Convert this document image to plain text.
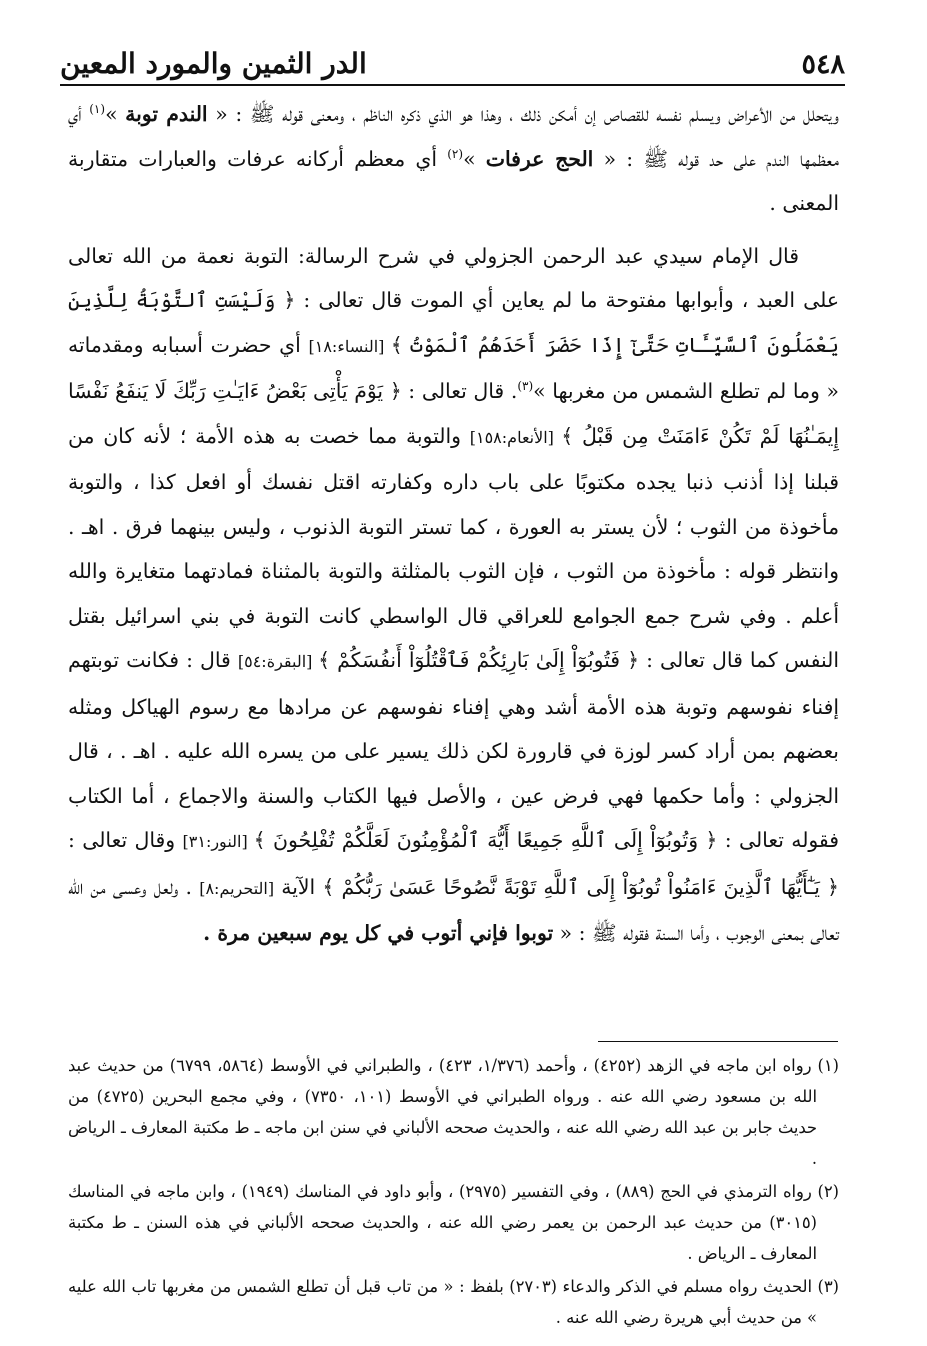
٥٤٨
الدر الثمين والمورد المعين

ويتحلل من الأعراض ويسلم نفسه للقصاص إن أمكن ذلك ، وهذا هو الذي ذكره الناظم ، ومعنى قوله ﷺ : « الندم توبة »$^{(١)}$ أي معظمها الندم على حد قوله ﷺ : « الحج عرفات »$^{(٢)}$ أي معظم أركانه عرفات والعبارات متقاربة المعنى .

قال الإمام سيدي عبد الرحمن الجزولي في شرح الرسالة: التوبة نعمة من الله تعالى على العبد ، وأبوابها مفتوحة ما لم يعاين أي الموت قال تعالى : ﴿ وَلَيْسَتِ ٱلتَّوْبَةُ لِلَّذِينَ يَعْمَلُونَ ٱلسَّيِّـَٔاتِ حَتَّىٰٓ إِذَا حَضَرَ أَحَدَهُمُ ٱلْمَوْتُ ﴾ [النساء:١٨] أي حضرت أسبابه ومقدماته « وما لم تطلع الشمس من مغربها »$^{(٣)}$. قال تعالى : ﴿ يَوْمَ يَأْتِى بَعْضُ ءَايَـٰتِ رَبِّكَ لَا يَنفَعُ نَفْسًا إِيمَـٰنُهَا لَمْ تَكُنْ ءَامَنَتْ مِن قَبْلُ ﴾ [الأنعام:١٥٨] والتوبة مما خصت به هذه الأمة ؛ لأنه كان من قبلنا إذا أذنب ذنبا يجده مكتوبًا على باب داره وكفارته اقتل نفسك أو افعل كذا ، والتوبة مأخوذة من الثوب ؛ لأن يستر به العورة ، كما تستر التوبة الذنوب ، وليس بينهما فرق . اهـ . وانتظر قوله : مأخوذة من الثوب ، فإن الثوب بالمثلثة والتوبة بالمثناة فمادتهما متغايرة والله أعلم . وفي شرح جمع الجوامع للعراقي قال الواسطي كانت التوبة في بني اسرائيل بقتل النفس كما قال تعالى : ﴿ فَتُوبُوٓاْ إِلَىٰ بَارِئِكُمْ فَٱقْتُلُوٓاْ أَنفُسَكُمْ ﴾ [البقرة:٥٤] قال : فكانت توبتهم إفناء نفوسهم وتوبة هذه الأمة أشد وهي إفناء نفوسهم عن مرادها مع رسوم الهياكل ومثله بعضهم بمن أراد كسر لوزة في قارورة لكن ذلك يسير على من يسره الله عليه . اهـ . ، قال الجزولي : وأما حكمها فهي فرض عين ، والأصل فيها الكتاب والسنة والاجماع ، أما الكتاب فقوله تعالى : ﴿ وَتُوبُوٓاْ إِلَى ٱللَّهِ جَمِيعًا أَيُّهَ ٱلْمُؤْمِنُونَ لَعَلَّكُمْ تُفْلِحُونَ ﴾ [النور:٣١] وقال تعالى : ﴿ يَـٰٓأَيُّهَا ٱلَّذِينَ ءَامَنُواْ تُوبُوٓاْ إِلَى ٱللَّهِ تَوْبَةً نَّصُوحًا عَسَىٰ رَبُّكُمْ ﴾ الآية [التحريم:٨] . ولعل وعسى من الله تعالى بمعنى الوجوب ، وأما السنة فقوله ﷺ : « توبوا فإني أتوب في كل يوم سبعين مرة .

(١) رواه ابن ماجه في الزهد (٤٢٥٢) ، وأحمد (١/٣٧٦، ٤٢٣) ، والطبراني في الأوسط (٥٨٦٤، ٦٧٩٩) من حديث عبد الله بن مسعود رضي الله عنه . ورواه الطبراني في الأوسط (١٠١، ٧٣٥٠) ، وفي مجمع البحرين (٤٧٢٥) من حديث جابر بن عبد الله رضي الله عنه ، والحديث صححه الألباني في سنن ابن ماجه ـ ط مكتبة المعارف ـ الرياض .

(٢) رواه الترمذي في الحج (٨٨٩) ، وفي التفسير (٢٩٧٥) ، وأبو داود في المناسك (١٩٤٩) ، وابن ماجه في المناسك (٣٠١٥) من حديث عبد الرحمن بن يعمر رضي الله عنه ، والحديث صححه الألباني في هذه السنن ـ ط مكتبة المعارف ـ الرياض .

(٣) الحديث رواه مسلم في الذكر والدعاء (٢٧٠٣) بلفظ : « من تاب قبل أن تطلع الشمس من مغربها تاب الله عليه » من حديث أبي هريرة رضي الله عنه .
